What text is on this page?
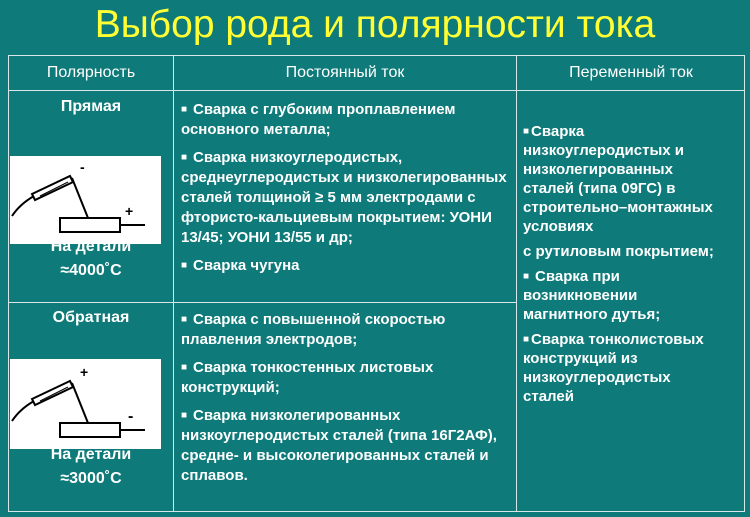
Выбор рода и полярности тока
Полярность	Постоянный ток	Переменный ток
Прямая
-
+
На детали
≈4000˚С
Обратная
+
-
На детали
≈3000˚С
■ Сварка с глубоким проплавлением основного металла;
■ Сварка низкоуглеродистых, среднеуглеродистых и низколегированных сталей толщиной ≥ 5 мм электродами с фтористо-кальциевым покрытием: УОНИ 13/45; УОНИ 13/55 и др;
■ Сварка чугуна
■ Сварка с повышенной скоростью плавления электродов;
■ Сварка тонкостенных листовых конструкций;
■ Сварка низколегированных низкоуглеродистых сталей (типа 16Г2АФ), средне- и высоколегированных сталей и сплавов.
■ Сварка низкоуглеродистых и низколегированных сталей (типа 09ГС) в строительно–монтажных условиях
с рутиловым покрытием;
■ Сварка при возникновении магнитного дутья;
■ Сварка тонколистовых конструкций из низкоуглеродистых сталей
